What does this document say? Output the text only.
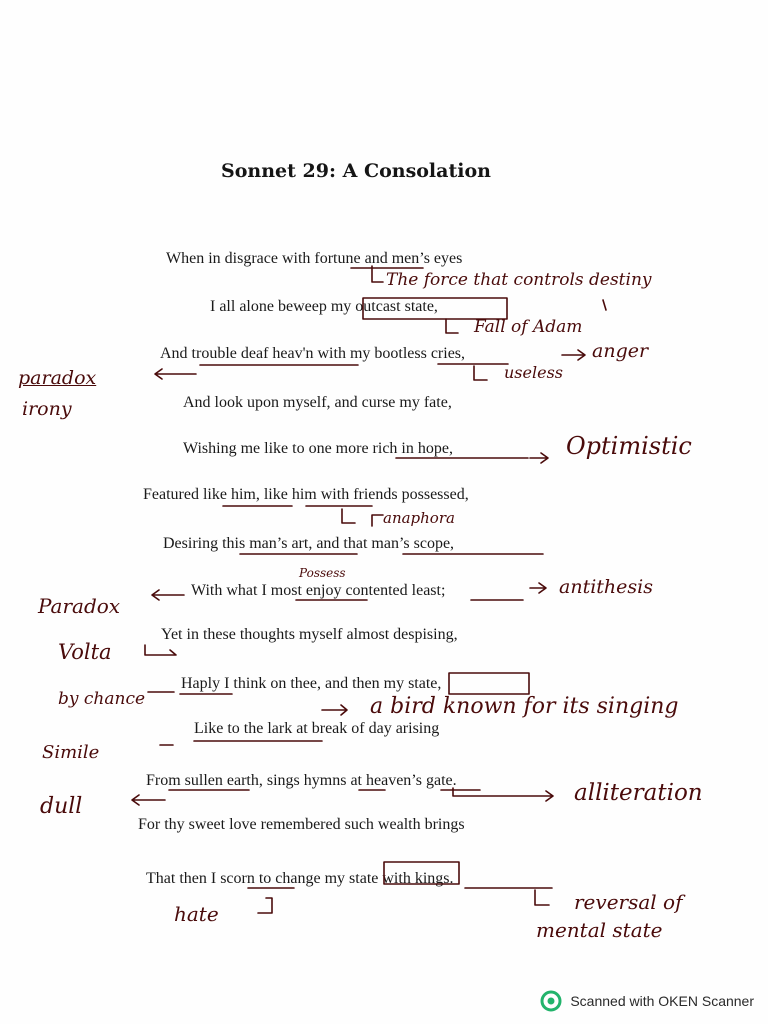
Sonnet 29: A Consolation
When in disgrace with fortune and men’s eyes
I all alone beweep my outcast state,
And trouble deaf heav'n with my bootless cries,
And look upon myself, and curse my fate,
Wishing me like to one more rich in hope,
Featured like him, like him with friends possessed,
Desiring this man’s art, and that man’s scope,
With what I most enjoy contented least;
Yet in these thoughts myself almost despising,
Haply I think on thee, and then my state,
Like to the lark at break of day arising
From sullen earth, sings hymns at heaven’s gate.
For thy sweet love remembered such wealth brings
That then I scorn to change my state with kings.
The force that controls destiny
Fall of Adam
anger
useless
paradox
irony
Optimistic
anaphora
Possess
antithesis
Paradox
Volta
by chance	a bird known for its singing
Simile
dull
alliteration
hate	reversal of
mental state
Scanned with OKEN Scanner
